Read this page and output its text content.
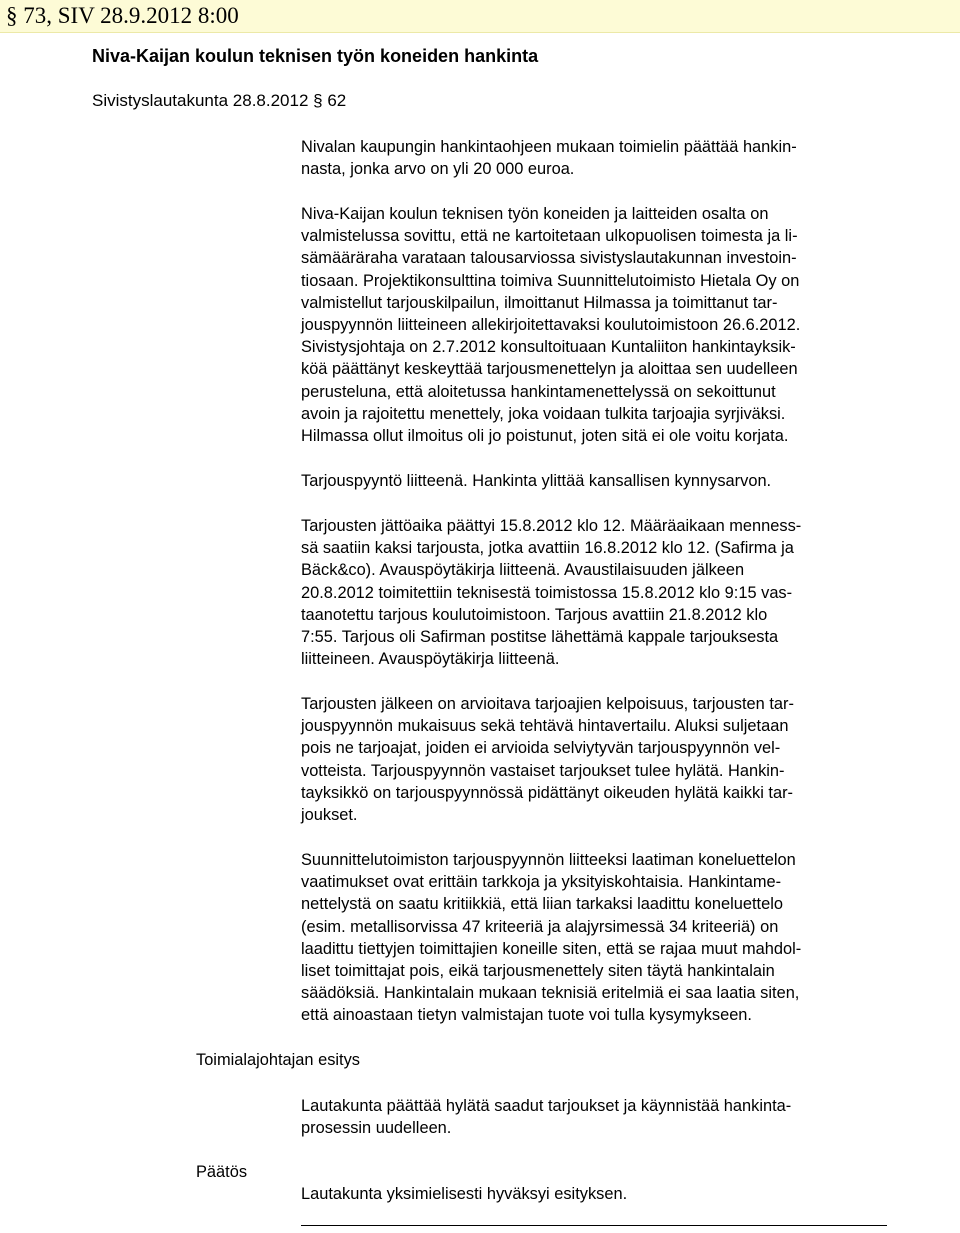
§ 73, SIV 28.9.2012 8:00
Niva-Kaijan koulun teknisen työn koneiden hankinta
Sivistyslautakunta 28.8.2012 § 62

Nivalan kaupungin hankintaohjeen mukaan toimielin päättää hankin-
nasta, jonka arvo on yli 20 000 euroa.

Niva-Kaijan koulun teknisen työn koneiden ja laitteiden osalta on
valmistelussa sovittu, että ne kartoitetaan ulkopuolisen toimesta ja li-
sämääräraha varataan talousarviossa sivistyslautakunnan investoin-
tiosaan. Projektikonsulttina toimiva Suunnittelutoimisto Hietala Oy on
valmistellut tarjouskilpailun, ilmoittanut Hilmassa ja toimittanut tar-
jouspyynnön liitteineen allekirjoitettavaksi koulutoimistoon 26.6.2012.
Sivistysjohtaja on 2.7.2012 konsultoituaan Kuntaliiton hankintayksik-
köä päättänyt keskeyttää tarjousmenettelyn ja aloittaa sen uudelleen
perusteluna, että aloitetussa hankintamenettelyssä on sekoittunut
avoin ja rajoitettu menettely, joka voidaan tulkita tarjoajia syrjiväksi.
Hilmassa ollut ilmoitus oli jo poistunut, joten sitä ei ole voitu korjata.

Tarjouspyyntö liitteenä. Hankinta ylittää kansallisen kynnysarvon.

Tarjousten jättöaika päättyi 15.8.2012 klo 12. Määräaikaan menness-
sä saatiin kaksi tarjousta, jotka avattiin 16.8.2012 klo 12. (Safirma ja
Bäck&co). Avauspöytäkirja liitteenä. Avaustilaisuuden jälkeen
20.8.2012 toimitettiin teknisestä toimistossa 15.8.2012 klo 9:15 vas-
taanotettu tarjous koulutoimistoon. Tarjous avattiin 21.8.2012 klo
7:55. Tarjous oli Safirman postitse lähettämä kappale tarjouksesta
liitteineen. Avauspöytäkirja liitteenä.

Tarjousten jälkeen on arvioitava tarjoajien kelpoisuus, tarjousten tar-
jouspyynnön mukaisuus sekä tehtävä hintavertailu. Aluksi suljetaan
pois ne tarjoajat, joiden ei arvioida selviytyvän tarjouspyynnön vel-
votteista. Tarjouspyynnön vastaiset tarjoukset tulee hylätä. Hankin-
tayksikkö on tarjouspyynnössä pidättänyt oikeuden hylätä kaikki tar-
joukset.

Suunnittelutoimiston tarjouspyynnön liitteeksi laatiman koneluettelon
vaatimukset ovat erittäin tarkkoja ja yksityiskohtaisia. Hankintame-
nettelystä on saatu kritiikkiä, että liian tarkaksi laadittu koneluettelo
(esim. metallisorvissa 47 kriteeriä ja alajyrsimessä 34 kriteeriä) on
laadittu tiettyjen toimittajien koneille siten, että se rajaa muut mahdol-
liset toimittajat pois, eikä tarjousmenettely siten täytä hankintalain
säädöksiä. Hankintalain mukaan teknisiä eritelmiä ei saa laatia siten,
että ainoastaan tietyn valmistajan tuote voi tulla kysymykseen.

Toimialajohtajan esitys

Lautakunta päättää hylätä saadut tarjoukset ja käynnistää hankinta-
prosessin uudelleen.

Päätös

Lautakunta yksimielisesti hyväksyi esityksen.
